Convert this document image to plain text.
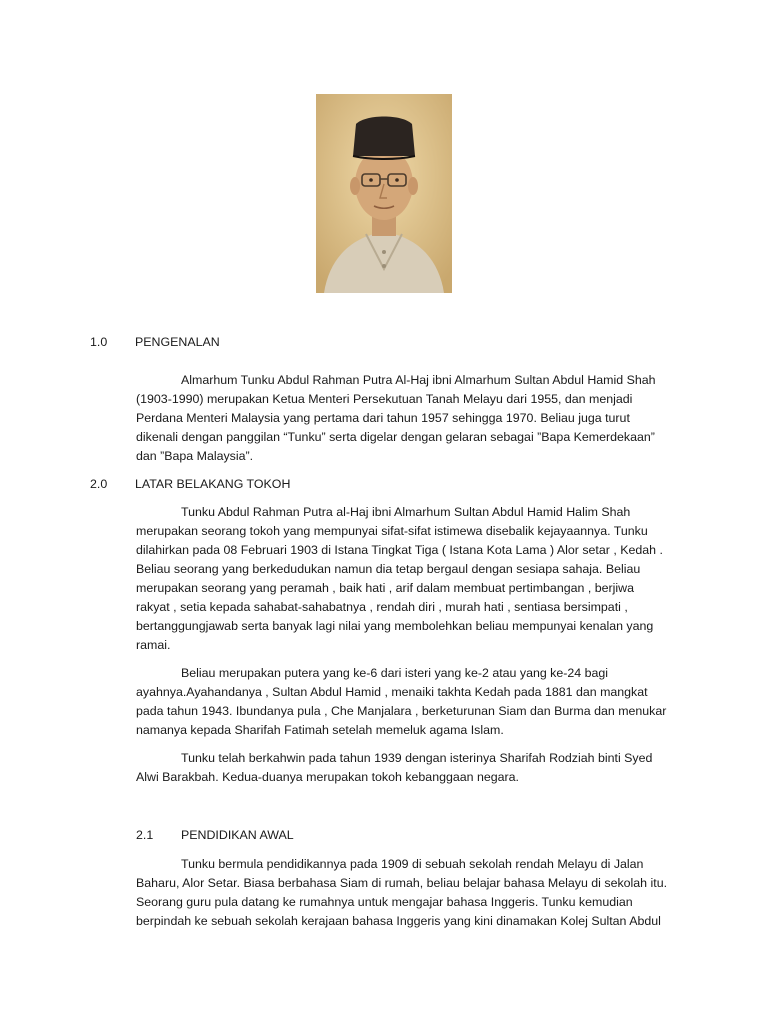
1.0 PENGENALAN
Almarhum Tunku Abdul Rahman Putra Al-Haj ibni Almarhum Sultan Abdul Hamid Shah
(1903-1990) merupakan Ketua Menteri Persekutuan Tanah Melayu dari 1955, dan menjadi
Perdana Menteri Malaysia yang pertama dari tahun 1957 sehingga 1970. Beliau juga turut
dikenali dengan panggilan “Tunku” serta digelar dengan gelaran sebagai ”Bapa Kemerdekaan”
dan ”Bapa Malaysia”.
2.0 LATAR BELAKANG TOKOH
Tunku Abdul Rahman Putra al-Haj ibni Almarhum Sultan Abdul Hamid Halim Shah
merupakan seorang tokoh yang mempunyai sifat-sifat istimewa disebalik kejayaannya. Tunku
dilahirkan pada 08 Februari 1903 di Istana Tingkat Tiga ( Istana Kota Lama ) Alor setar , Kedah .
Beliau seorang yang berkedudukan namun dia tetap bergaul dengan sesiapa sahaja. Beliau
merupakan seorang yang peramah , baik hati , arif dalam membuat pertimbangan , berjiwa
rakyat , setia kepada sahabat-sahabatnya , rendah diri , murah hati , sentiasa bersimpati ,
bertanggungjawab serta banyak lagi nilai yang membolehkan beliau mempunyai kenalan yang
ramai.
Beliau merupakan putera yang ke-6 dari isteri yang ke-2 atau yang ke-24 bagi
ayahnya.Ayahandanya , Sultan Abdul Hamid , menaiki takhta Kedah pada 1881 dan mangkat
pada tahun 1943. Ibundanya pula , Che Manjalara , berketurunan Siam dan Burma dan menukar
namanya kepada Sharifah Fatimah setelah memeluk agama Islam.
Tunku telah berkahwin pada tahun 1939 dengan isterinya Sharifah Rodziah binti Syed
Alwi Barakbah. Kedua-duanya merupakan tokoh kebanggaan negara.
2.1 PENDIDIKAN AWAL
Tunku bermula pendidikannya pada 1909 di sebuah sekolah rendah Melayu di Jalan
Baharu, Alor Setar. Biasa berbahasa Siam di rumah, beliau belajar bahasa Melayu di sekolah itu.
Seorang guru pula datang ke rumahnya untuk mengajar bahasa Inggeris. Tunku kemudian
berpindah ke sebuah sekolah kerajaan bahasa Inggeris yang kini dinamakan Kolej Sultan Abdul
